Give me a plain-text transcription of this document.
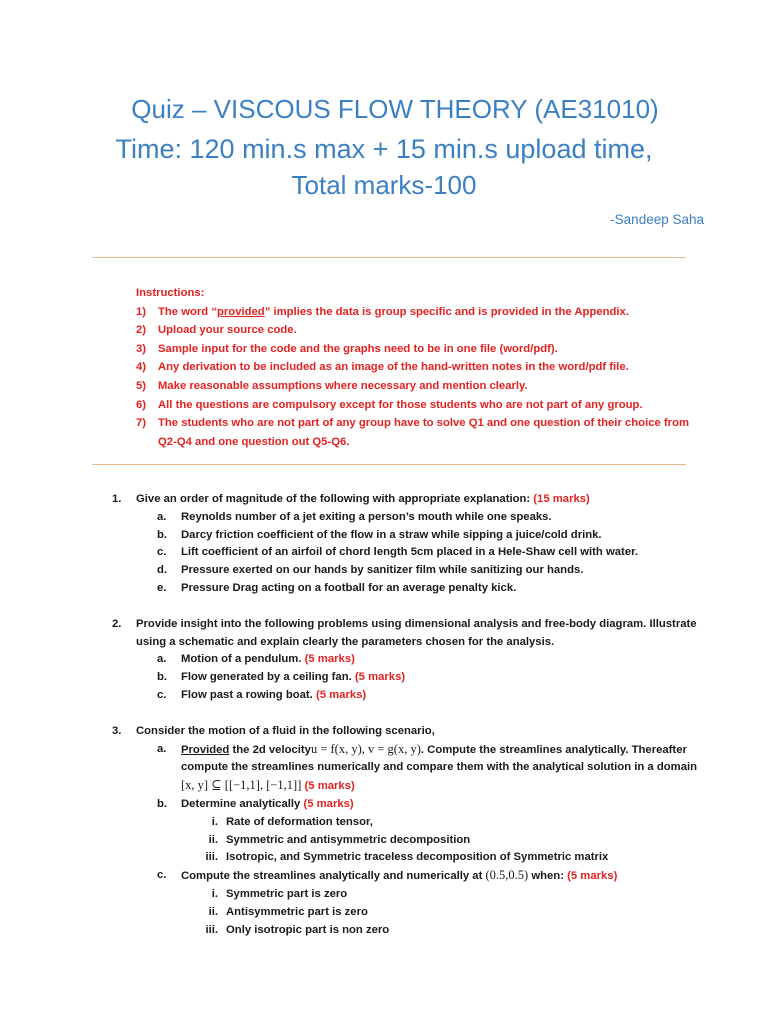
Quiz – VISCOUS FLOW THEORY (AE31010)
Time: 120 min.s max + 15 min.s upload time,
Total marks-100
-Sandeep Saha
Instructions:
1)	The word “provided” implies the data is group specific and is provided in the Appendix.
2)	Upload your source code.
3)	Sample input for the code and the graphs need to be in one file (word/pdf).
4)	Any derivation to be included as an image of the hand-written notes in the word/pdf file.
5)	Make reasonable assumptions where necessary and mention clearly.
6)	All the questions are compulsory except for those students who are not part of any group.
7)	The students who are not part of any group have to solve Q1 and one question of their choice from Q2-Q4 and one question out Q5-Q6.
1.	Give an order of magnitude of the following with appropriate explanation: (15 marks)
a.	Reynolds number of a jet exiting a person’s mouth while one speaks.
b.	Darcy friction coefficient of the flow in a straw while sipping a juice/cold drink.
c.	Lift coefficient of an airfoil of chord length 5cm placed in a Hele-Shaw cell with water.
d.	Pressure exerted on our hands by sanitizer film while sanitizing our hands.
e.	Pressure Drag acting on a football for an average penalty kick.
2.	Provide insight into the following problems using dimensional analysis and free-body diagram. Illustrate using a schematic and explain clearly the parameters chosen for the analysis.
a.	Motion of a pendulum. (5 marks)
b.	Flow generated by a ceiling fan. (5 marks)
c.	Flow past a rowing boat. (5 marks)
3.	Consider the motion of a fluid in the following scenario,
a.	Provided the 2d velocityu = f(x, y), v = g(x, y). Compute the streamlines analytically. Thereafter compute the streamlines numerically and compare them with the analytical solution in a domain [x, y] ⊆ [[−1,1], [−1,1]] (5 marks)
b.	Determine analytically (5 marks)
i. Rate of deformation tensor,
ii. Symmetric and antisymmetric decomposition
iii. Isotropic, and Symmetric traceless decomposition of Symmetric matrix
c.	Compute the streamlines analytically and numerically at (0.5,0.5) when: (5 marks)
i. Symmetric part is zero
ii. Antisymmetric part is zero
iii. Only isotropic part is non zero
